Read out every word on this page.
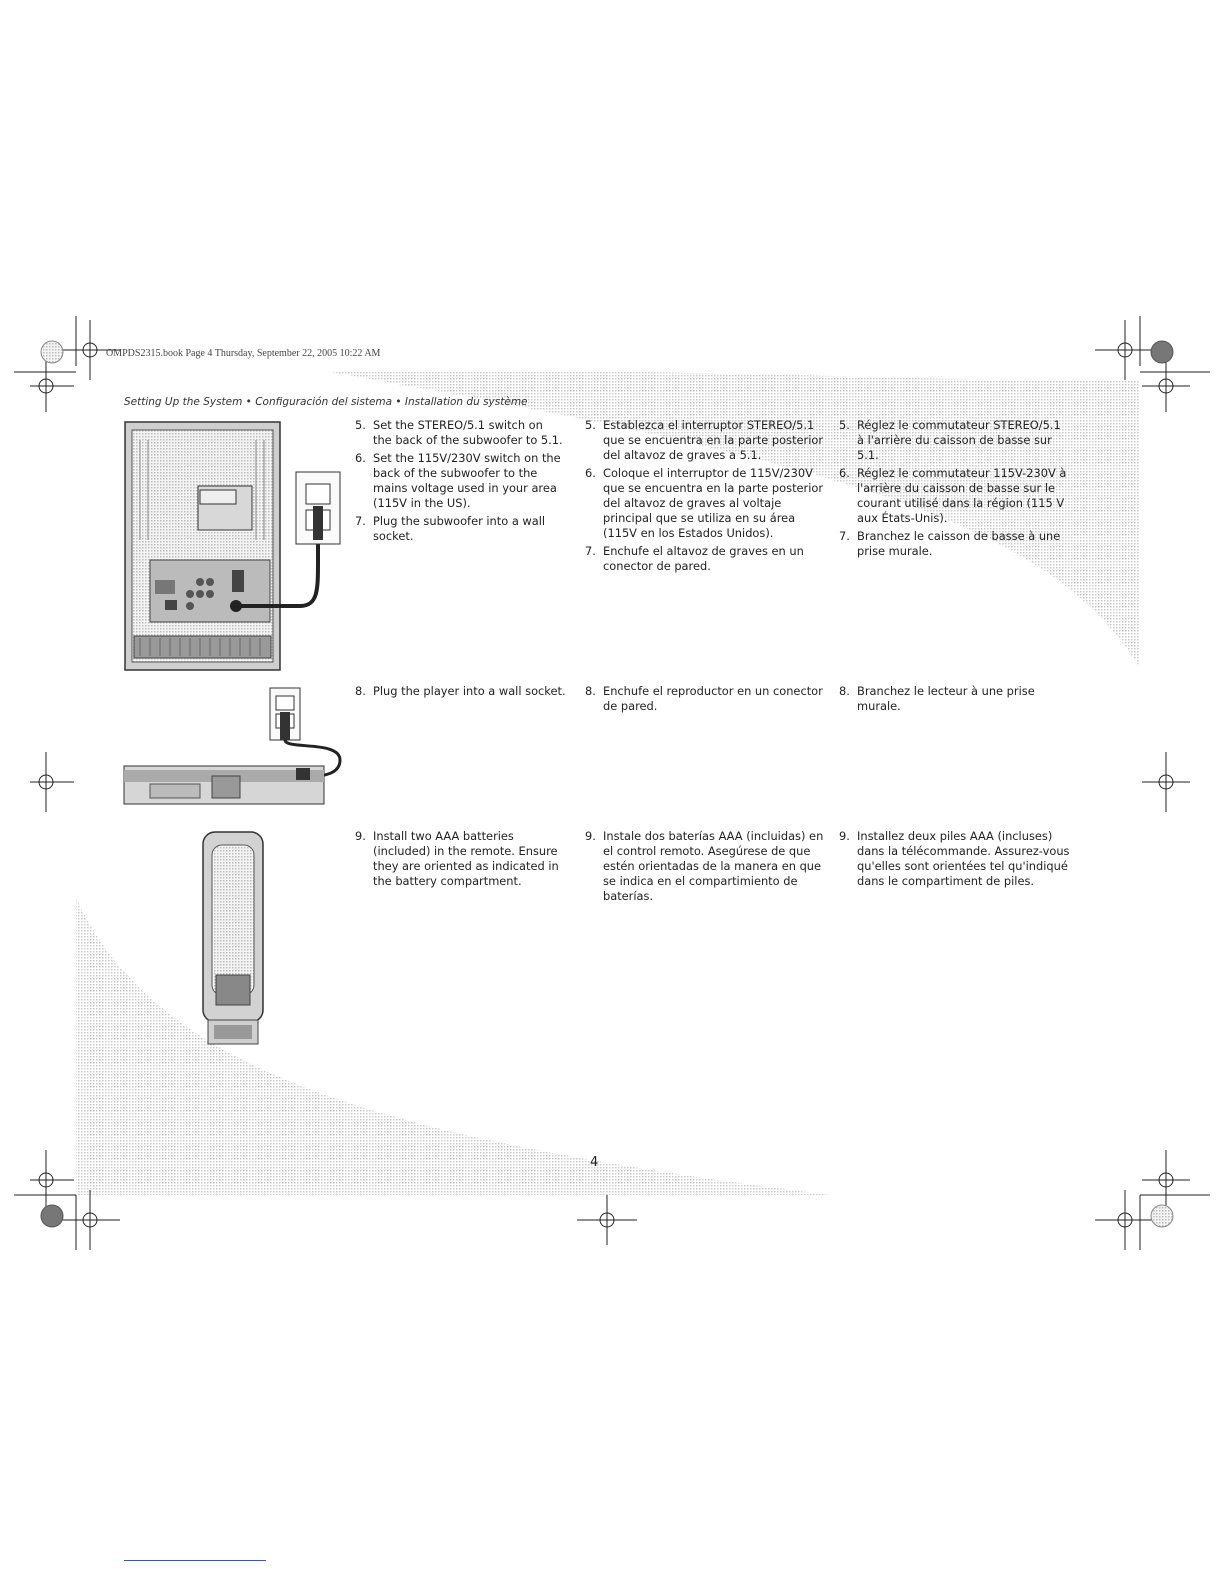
OMPDS2315.book Page 4 Thursday, September 22, 2005 10:22 AM
Setting Up the System • Configuración del sistema • Installation du système
5. Set the STEREO/5.1 switch on the back of the subwoofer to 5.1.
6. Set the 115V/230V switch on the back of the subwoofer to the mains voltage used in your area (115V in the US).
7. Plug the subwoofer into a wall socket.
5. Establezca el interruptor STEREO/5.1 que se encuentra en la parte posterior del altavoz de graves a 5.1.
6. Coloque el interruptor de 115V/230V que se encuentra en la parte posterior del altavoz de graves al voltaje principal que se utiliza en su área (115V en los Estados Unidos).
7. Enchufe el altavoz de graves en un conector de pared.
5. Réglez le commutateur STEREO/5.1 à l'arrière du caisson de basse sur 5.1.
6. Réglez le commutateur 115V-230V à l'arrière du caisson de basse sur le courant utilisé dans la région (115 V aux États-Unis).
7. Branchez le caisson de basse à une prise murale.
8. Plug the player into a wall socket.	8. Enchufe el reproductor en un conector de pared.
8. Branchez le lecteur à une prise murale.
9. Install two AAA batteries (included) in the remote. Ensure they are oriented as indicated in the battery compartment.
9. Instale dos baterías AAA (incluidas) en el control remoto. Asegúrese de que estén orientadas de la manera en que se indica en el compartimiento de baterías.
9. Installez deux piles AAA (incluses) dans la télécommande. Assurez-vous qu'elles sont orientées tel qu'indiqué dans le compartiment de piles.
4
